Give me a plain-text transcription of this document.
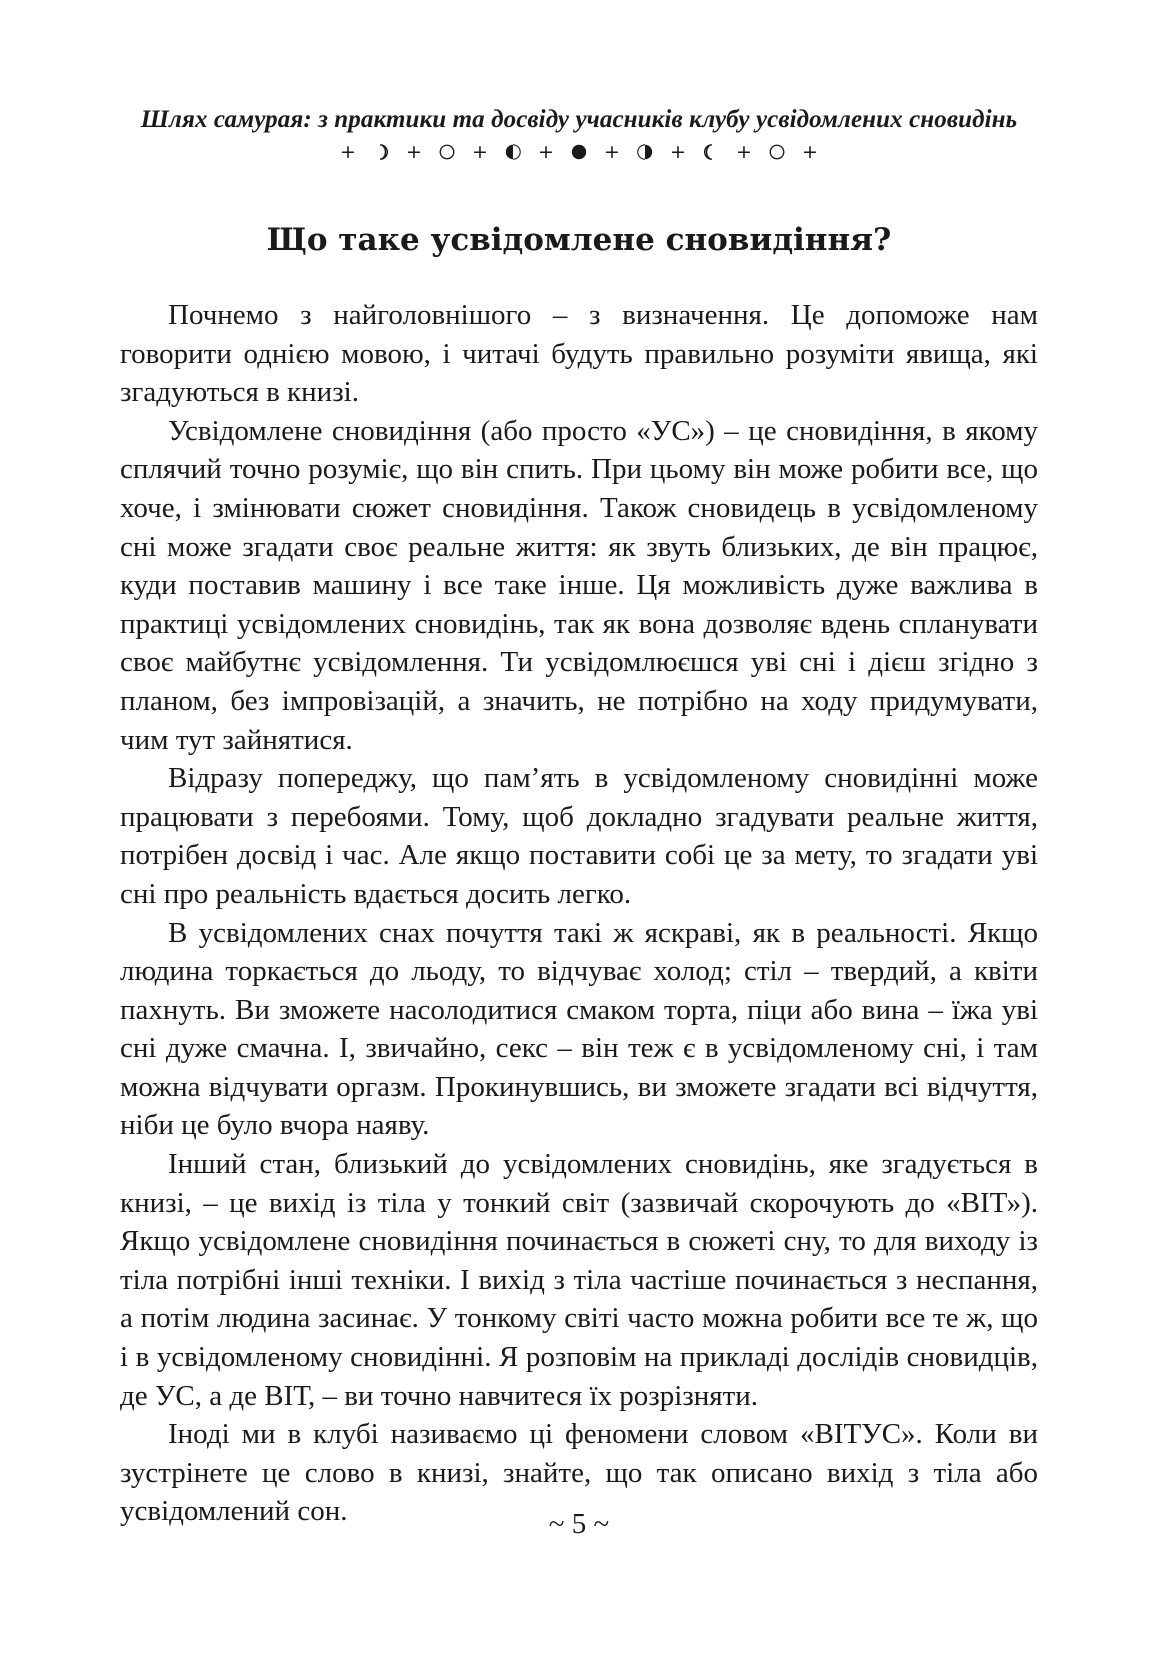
Шлях самурая: з практики та досвіду учасників клубу усвідомлених сновидінь
+	+	+	+	+	+	+	+
Що таке усвідомлене сновидіння?

Почнемо з найголовнішого – з визначення. Це допоможе нам говорити однією мовою, і читачі будуть правильно розуміти явища, які згадуються в книзі.

Усвідомлене сновидіння (або просто «УС») – це сновидіння, в якому сплячий точно розуміє, що він спить. При цьому він може робити все, що хоче, і змінювати сюжет сновидіння. Також сновидець в усвідомленому сні може згадати своє реальне життя: як звуть близьких, де він працює, куди поставив машину і все таке інше. Ця можливість дуже важлива в практиці усвідомлених сновидінь, так як вона дозволяє вдень спланувати своє майбутнє усвідомлення. Ти усвідомлюєшся уві сні і дієш згідно з планом, без імпровізацій, а значить, не потрібно на ходу придумувати, чим тут зайнятися.

Відразу попереджу, що пам’ять в усвідомленому сновидінні може працювати з перебоями. Тому, щоб докладно згадувати реальне життя, потрібен досвід і час. Але якщо поставити собі це за мету, то згадати уві сні про реальність вдається досить легко.

В усвідомлених снах почуття такі ж яскраві, як в реальності. Якщо людина торкається до льоду, то відчуває холод; стіл – твердий, а квіти пахнуть. Ви зможете насолодитися смаком торта, піци або вина – їжа уві сні дуже смачна. І, звичайно, секс – він теж є в усвідомленому сні, і там можна відчувати оргазм. Прокинувшись, ви зможете згадати всі відчуття, ніби це було вчора наяву.

Інший стан, близький до усвідомлених сновидінь, яке згадується в книзі, – це вихід із тіла у тонкий світ (зазвичай скорочують до «ВІТ»). Якщо усвідомлене сновидіння починається в сюжеті сну, то для виходу із тіла потрібні інші техніки. І вихід з тіла частіше починається з неспання, а потім людина засинає. У тонкому світі часто можна робити все те ж, що і в усвідомленому сновидінні. Я розповім на прикладі дослідів сновидців, де УС, а де ВІТ, – ви точно навчитеся їх розрізняти.

Іноді ми в клубі називаємо ці феномени словом «ВІТУС». Коли ви зустрінете це слово в книзі, знайте, що так описано вихід з тіла або усвідомлений сон.	~ 5 ~
